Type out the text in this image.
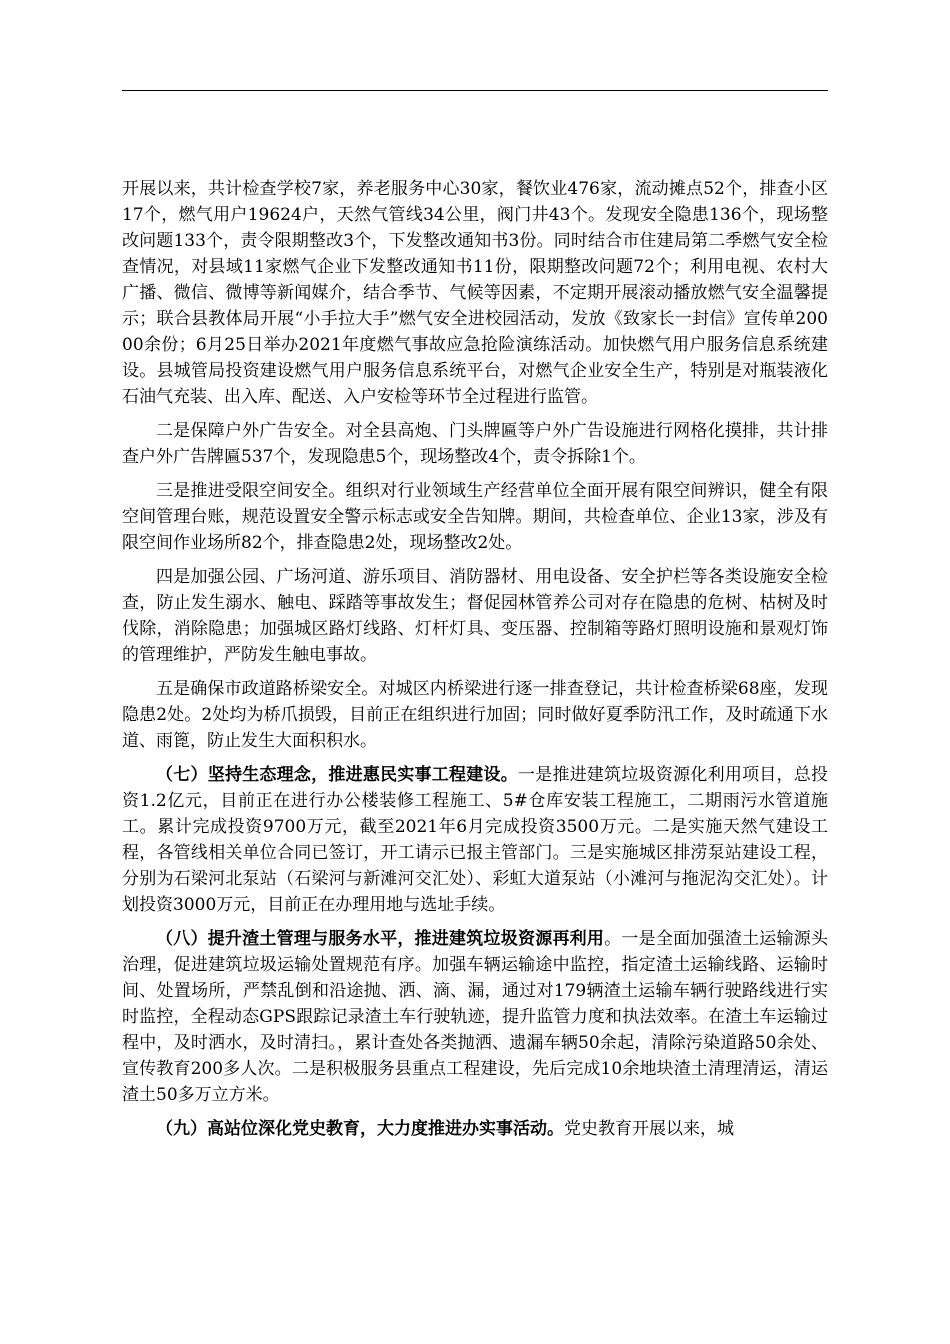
开展以来，共计检查学校7家，养老服务中心30家，餐饮业476家，流动摊点52个，排查小区17个，燃气用户19624户，天然气管线34公里，阀门井43个。发现安全隐患136个，现场整改问题133个，责令限期整改3个，下发整改通知书3份。同时结合市住建局第二季燃气安全检查情况，对县域11家燃气企业下发整改通知书11份，限期整改问题72个；利用电视、农村大广播、微信、微博等新闻媒介，结合季节、气候等因素，不定期开展滚动播放燃气安全温馨提示；联合县教体局开展“小手拉大手”燃气安全进校园活动，发放《致家长一封信》宣传单20000余份；6月25日举办2021年度燃气事故应急抢险演练活动。加快燃气用户服务信息系统建设。县城管局投资建设燃气用户服务信息系统平台，对燃气企业安全生产，特别是对瓶装液化石油气充装、出入库、配送、入户安检等环节全过程进行监管。

二是保障户外广告安全。对全县高炮、门头牌匾等户外广告设施进行网格化摸排，共计排查户外广告牌匾537个，发现隐患5个，现场整改4个，责令拆除1个。

三是推进受限空间安全。组织对行业领域生产经营单位全面开展有限空间辨识，健全有限空间管理台账，规范设置安全警示标志或安全告知牌。期间，共检查单位、企业13家，涉及有限空间作业场所82个，排查隐患2处，现场整改2处。

四是加强公园、广场河道、游乐项目、消防器材、用电设备、安全护栏等各类设施安全检查，防止发生溺水、触电、踩踏等事故发生；督促园林管养公司对存在隐患的危树、枯树及时伐除，消除隐患；加强城区路灯线路、灯杆灯具、变压器、控制箱等路灯照明设施和景观灯饰的管理维护，严防发生触电事故。

五是确保市政道路桥梁安全。对城区内桥梁进行逐一排查登记，共计检查桥梁68座，发现隐患2处。2处均为桥爪损毁，目前正在组织进行加固；同时做好夏季防汛工作，及时疏通下水道、雨篦，防止发生大面积积水。

（七）坚持生态理念，推进惠民实事工程建设。一是推进建筑垃圾资源化利用项目，总投资1.2亿元，目前正在进行办公楼装修工程施工、5#仓库安装工程施工，二期雨污水管道施工。累计完成投资9700万元，截至2021年6月完成投资3500万元。二是实施天然气建设工程，各管线相关单位合同已签订，开工请示已报主管部门。三是实施城区排涝泵站建设工程，分别为石梁河北泵站（石梁河与新滩河交汇处）、彩虹大道泵站（小滩河与拖泥沟交汇处）。计划投资3000万元，目前正在办理用地与选址手续。

（八）提升渣土管理与服务水平，推进建筑垃圾资源再利用。一是全面加强渣土运输源头治理，促进建筑垃圾运输处置规范有序。加强车辆运输途中监控，指定渣土运输线路、运输时间、处置场所，严禁乱倒和沿途抛、洒、滴、漏，通过对179辆渣土运输车辆行驶路线进行实时监控，全程动态GPS跟踪记录渣土车行驶轨迹，提升监管力度和执法效率。在渣土车运输过程中，及时洒水，及时清扫。，累计查处各类抛洒、遗漏车辆50余起，清除污染道路50余处、宣传教育200多人次。二是积极服务县重点工程建设，先后完成10余地块渣土清理清运，清运渣土50多万立方米。

（九）高站位深化党史教育，大力度推进办实事活动。党史教育开展以来，城
